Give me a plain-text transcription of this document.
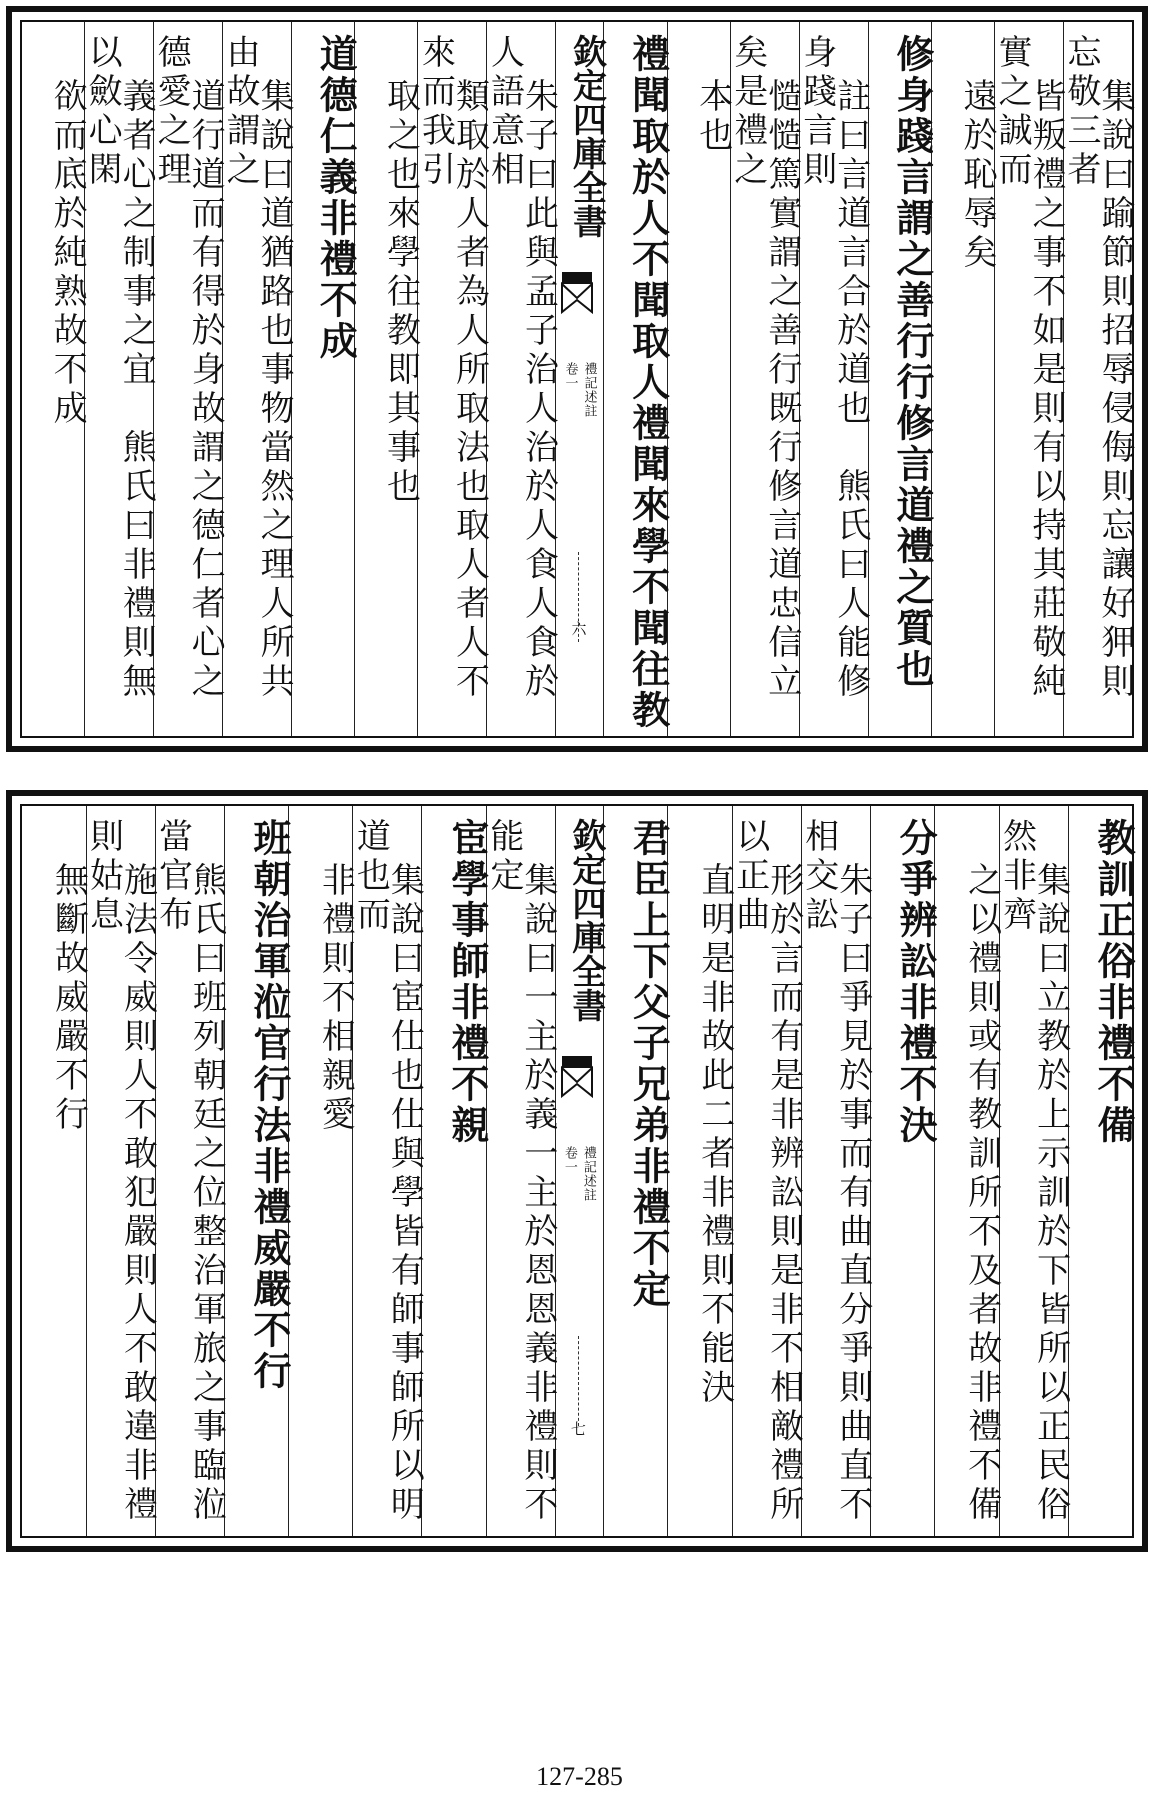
集說曰踰節則招辱侵侮則忘讓好狎則忘敬三者
皆叛禮之事不如是則有以持其莊敬純實之誠而
遠於恥辱矣
修身踐言謂之善行行修言道禮之質也
註曰言道言合於道也　熊氏曰人能修身踐言則
慥慥篤實謂之善行既行修言道忠信立矣是禮之
本也
禮聞取於人不聞取人禮聞來學不聞往教
欽定四庫全書
禮記述註
卷一
六
朱子曰此與孟子治人治於人食人食於人語意相
類取於人者為人所取法也取人者人不來而我引
取之也來學往教即其事也
道德仁義非禮不成
集說曰道猶路也事物當然之理人所共由故謂之
道行道而有得於身故謂之德仁者心之德愛之理
義者心之制事之宜　熊氏曰非禮則無以斂心閑
欲而底於純熟故不成
教訓正俗非禮不備
集說曰立教於上示訓於下皆所以正民俗然非齊
之以禮則或有教訓所不及者故非禮不備
分爭辨訟非禮不決
朱子曰爭見於事而有曲直分爭則曲直不相交訟
形於言而有是非辨訟則是非不相敵禮所以正曲
直明是非故此二者非禮則不能決
君臣上下父子兄弟非禮不定
欽定四庫全書
禮記述註
卷一
七
集說曰一主於義一主於恩恩義非禮則不能定
宦學事師非禮不親
集說曰宦仕也仕與學皆有師事師所以明道也而
非禮則不相親愛
班朝治軍涖官行法非禮威嚴不行
熊氏曰班列朝廷之位整治軍旅之事臨涖當官布
施法令威則人不敢犯嚴則人不敢違非禮則姑息
無斷故威嚴不行
127-285
